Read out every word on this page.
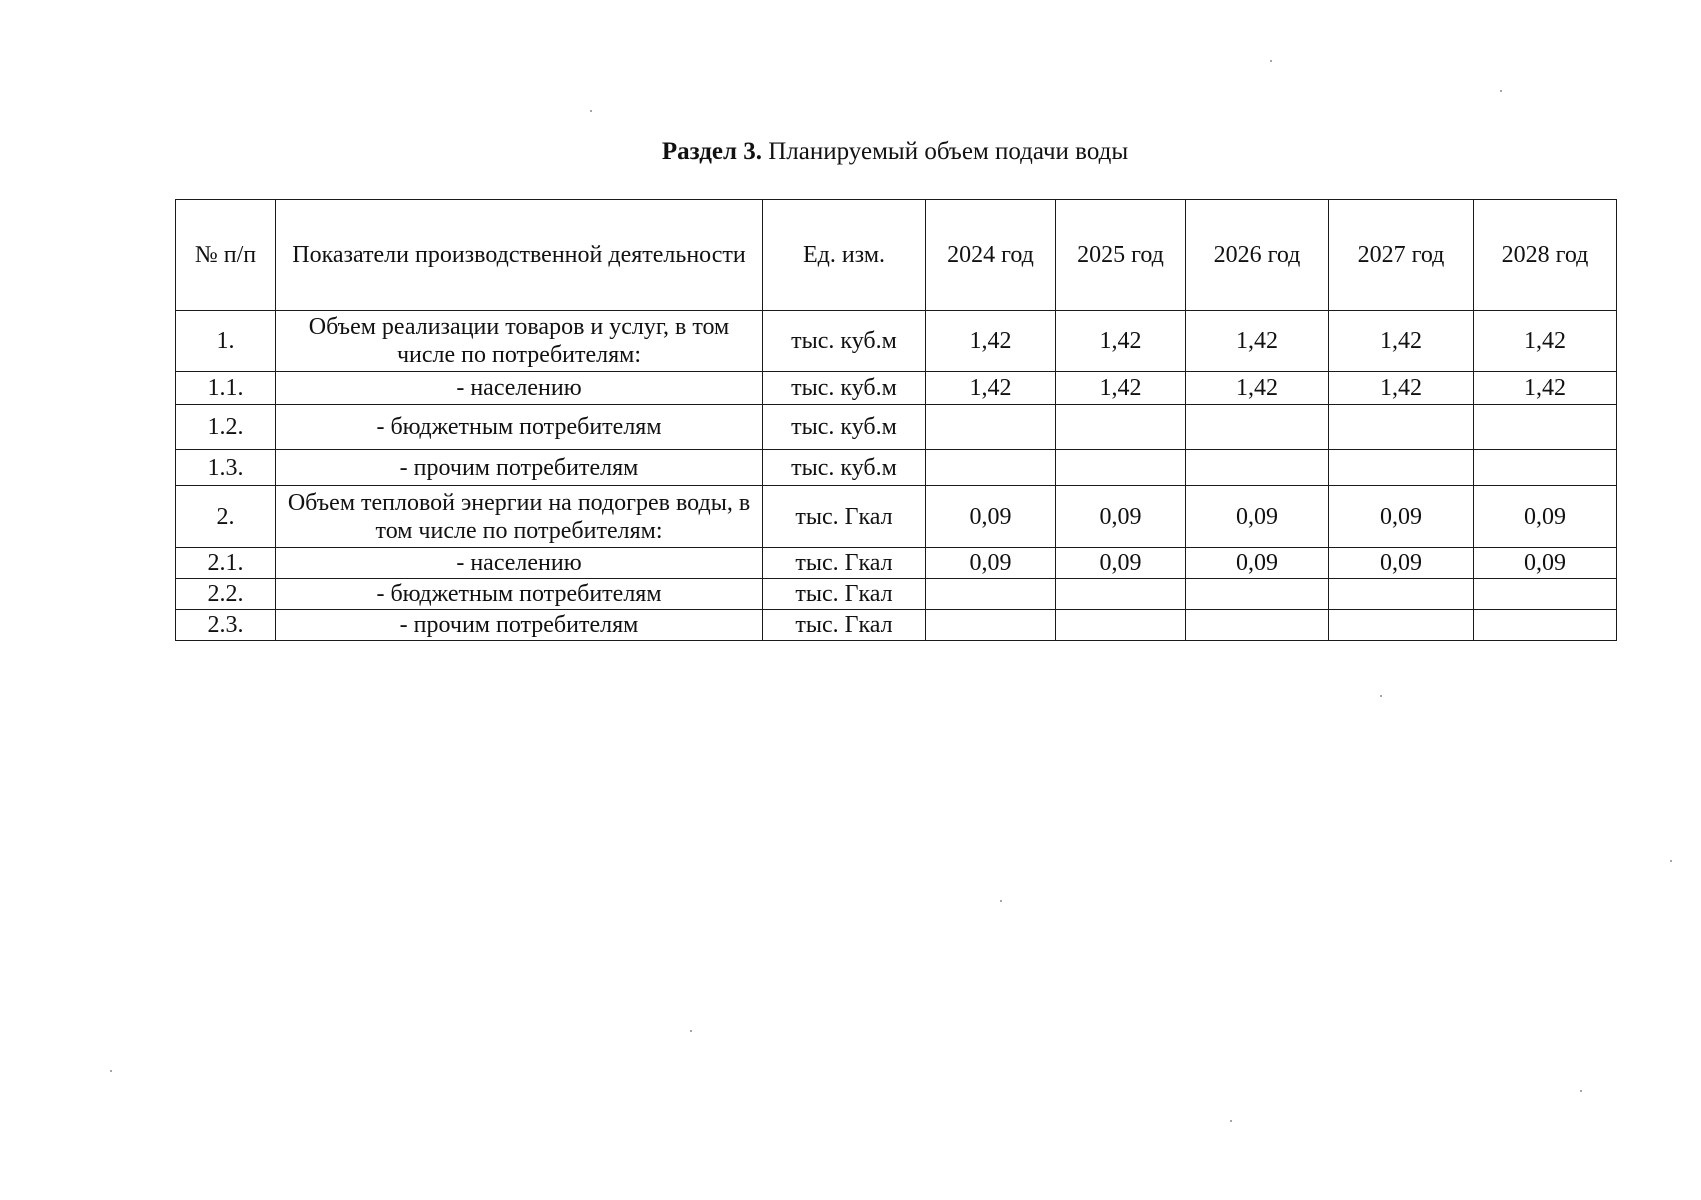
Раздел 3. Планируемый объем подачи воды
№ п/п	Показатели производственной деятельности	Ед. изм.	2024 год	2025 год	2026 год	2027 год	2028 год
1.	Объем реализации товаров и услуг, в том числе по потребителям:	тыс. куб.м	1,42	1,42	1,42	1,42	1,42
1.1.	- населению	тыс. куб.м	1,42	1,42	1,42	1,42	1,42
1.2.	- бюджетным потребителям	тыс. куб.м					
1.3.	- прочим потребителям	тыс. куб.м					
2.	Объем тепловой энергии на подогрев воды, в том числе по потребителям:	тыс. Гкал	0,09	0,09	0,09	0,09	0,09
2.1.	- населению	тыс. Гкал	0,09	0,09	0,09	0,09	0,09
2.2.	- бюджетным потребителям	тыс. Гкал					
2.3.	- прочим потребителям	тыс. Гкал					
